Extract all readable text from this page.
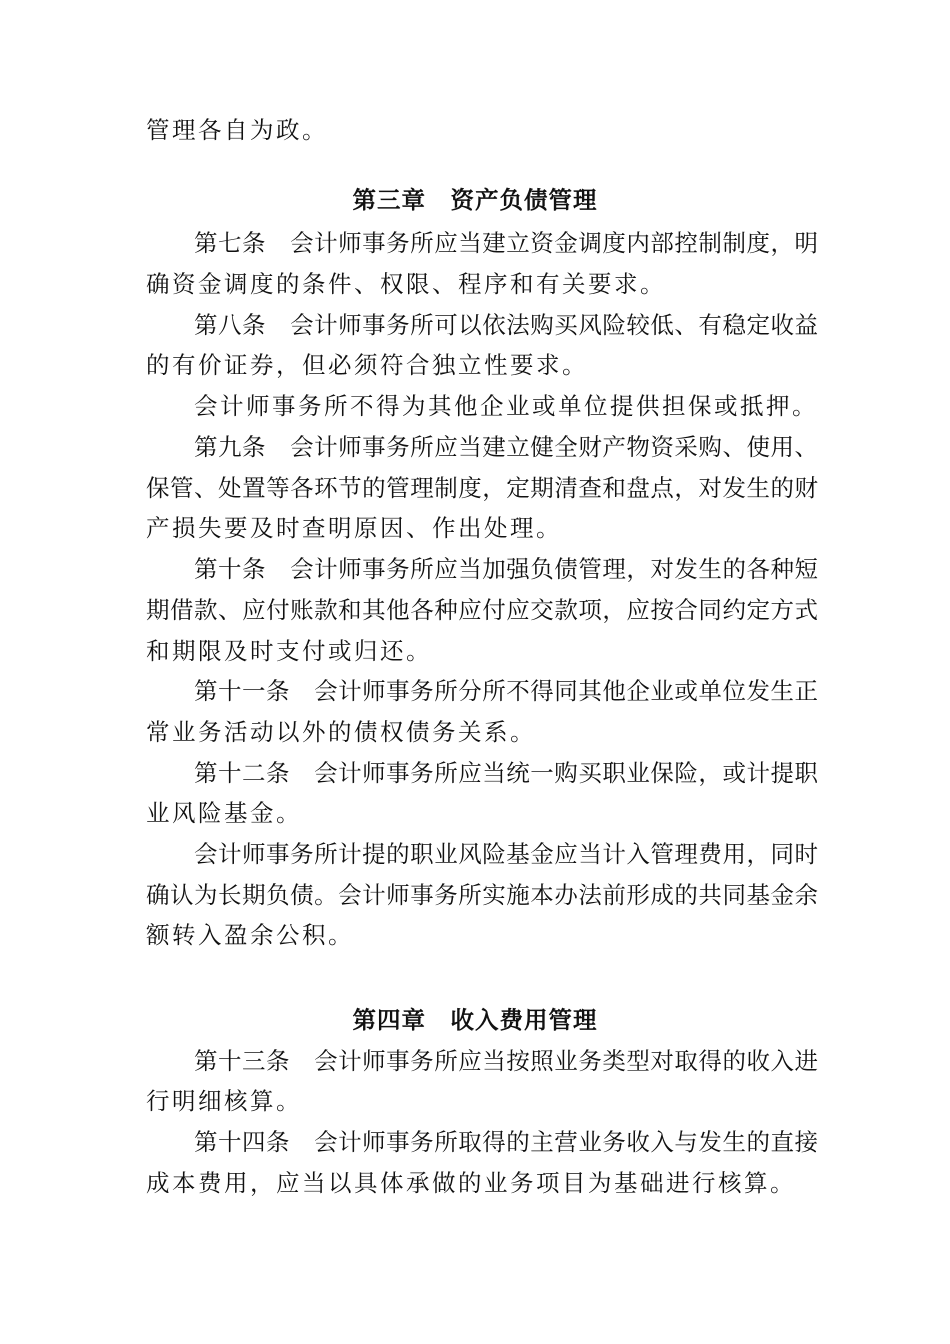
管理各自为政。
第三章　资产负债管理
第七条　会计师事务所应当建立资金调度内部控制制度，明
确资金调度的条件、权限、程序和有关要求。
第八条　会计师事务所可以依法购买风险较低、有稳定收益
的有价证券，但必须符合独立性要求。
会计师事务所不得为其他企业或单位提供担保或抵押。
第九条　会计师事务所应当建立健全财产物资采购、使用、
保管、处置等各环节的管理制度，定期清查和盘点，对发生的财
产损失要及时查明原因、作出处理。
第十条　会计师事务所应当加强负债管理，对发生的各种短
期借款、应付账款和其他各种应付应交款项，应按合同约定方式
和期限及时支付或归还。
第十一条　会计师事务所分所不得同其他企业或单位发生正
常业务活动以外的债权债务关系。
第十二条　会计师事务所应当统一购买职业保险，或计提职
业风险基金。
会计师事务所计提的职业风险基金应当计入管理费用，同时
确认为长期负债。会计师事务所实施本办法前形成的共同基金余
额转入盈余公积。
第四章　收入费用管理
第十三条　会计师事务所应当按照业务类型对取得的收入进
行明细核算。
第十四条　会计师事务所取得的主营业务收入与发生的直接
成本费用，应当以具体承做的业务项目为基础进行核算。
